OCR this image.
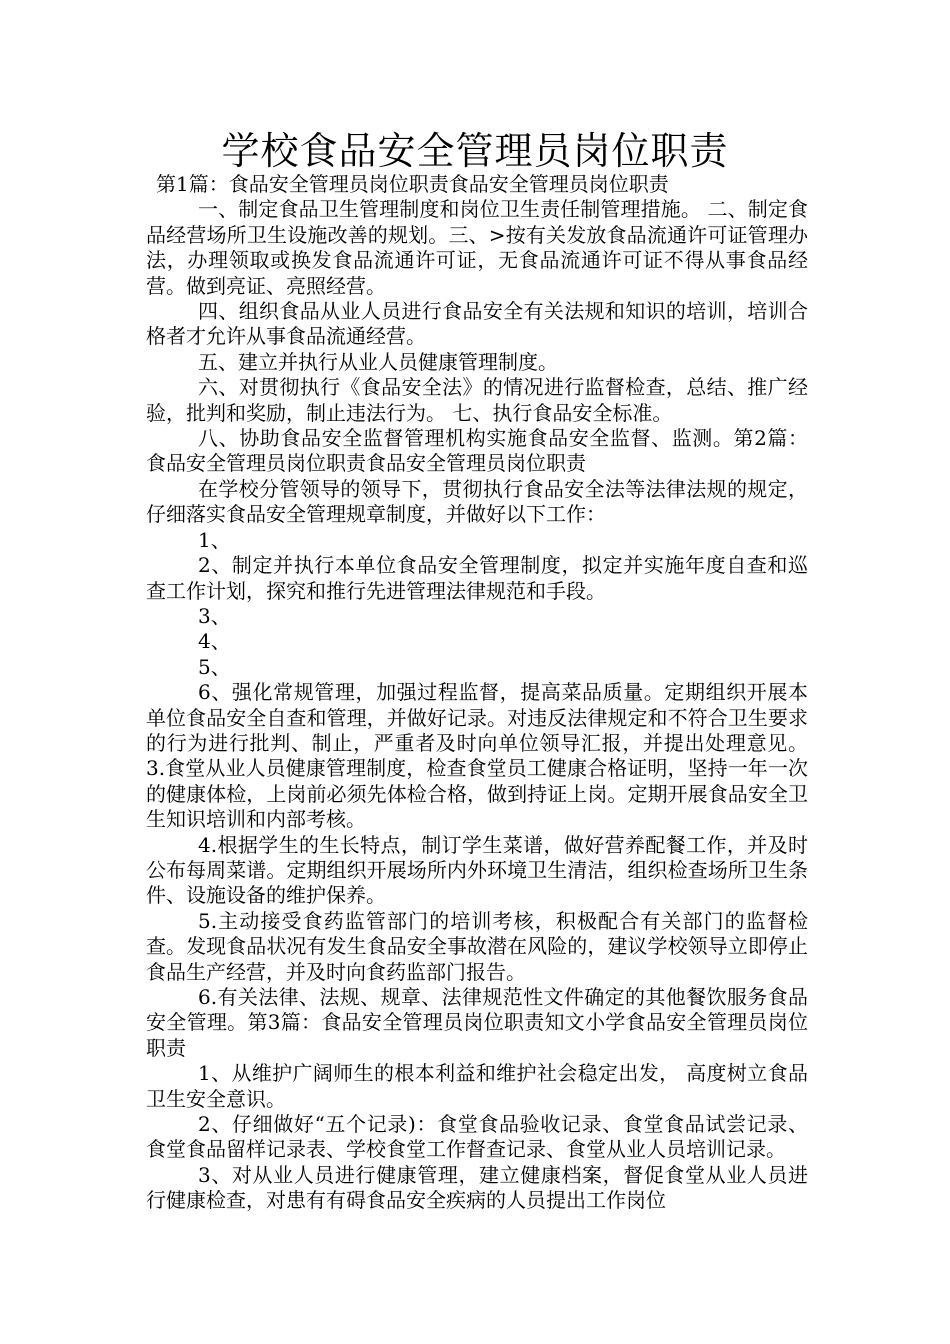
学校食品安全管理员岗位职责

第1篇：食品安全管理员岗位职责食品安全管理员岗位职责

一、制定食品卫生管理制度和岗位卫生责任制管理措施。 二、制定食品经营场所卫生设施改善的规划。三、>按有关发放食品流通许可证管理办法，办理领取或换发食品流通许可证，无食品流通许可证不得从事食品经营。做到亮证、亮照经营。

四、组织食品从业人员进行食品安全有关法规和知识的培训，培训合格者才允许从事食品流通经营。

五、建立并执行从业人员健康管理制度。

六、对贯彻执行《食品安全法》的情况进行监督检查，总结、推广经验，批判和奖励，制止违法行为。 七、执行食品安全标准。

八、协助食品安全监督管理机构实施食品安全监督、监测。第2篇：食品安全管理员岗位职责食品安全管理员岗位职责

在学校分管领导的领导下，贯彻执行食品安全法等法律法规的规定，仔细落实食品安全管理规章制度，并做好以下工作：

1、

2、制定并执行本单位食品安全管理制度，拟定并实施年度自查和巡查工作计划，探究和推行先进管理法律规范和手段。

3、

4、

5、

6、强化常规管理，加强过程监督，提高菜品质量。定期组织开展本单位食品安全自查和管理，并做好记录。对违反法律规定和不符合卫生要求的行为进行批判、制止，严重者及时向单位领导汇报，并提出处理意见。 3.食堂从业人员健康管理制度，检查食堂员工健康合格证明，坚持一年一次的健康体检，上岗前必须先体检合格，做到持证上岗。定期开展食品安全卫生知识培训和内部考核。

4.根据学生的生长特点，制订学生菜谱，做好营养配餐工作，并及时公布每周菜谱。定期组织开展场所内外环境卫生清洁，组织检查场所卫生条件、设施设备的维护保养。

5.主动接受食药监管部门的培训考核，积极配合有关部门的监督检查。发现食品状况有发生食品安全事故潜在风险的，建议学校领导立即停止食品生产经营，并及时向食药监部门报告。

6.有关法律、法规、规章、法律规范性文件确定的其他餐饮服务食品安全管理。第3篇：食品安全管理员岗位职责知文小学食品安全管理员岗位职责

1、从维护广阔师生的根本利益和维护社会稳定出发， 高度树立食品卫生安全意识。

2、仔细做好“五个记录)：食堂食品验收记录、食堂食品试尝记录、食堂食品留样记录表、学校食堂工作督查记录、食堂从业人员培训记录。

3、对从业人员进行健康管理，建立健康档案，督促食堂从业人员进行健康检查，对患有有碍食品安全疾病的人员提出工作岗位
